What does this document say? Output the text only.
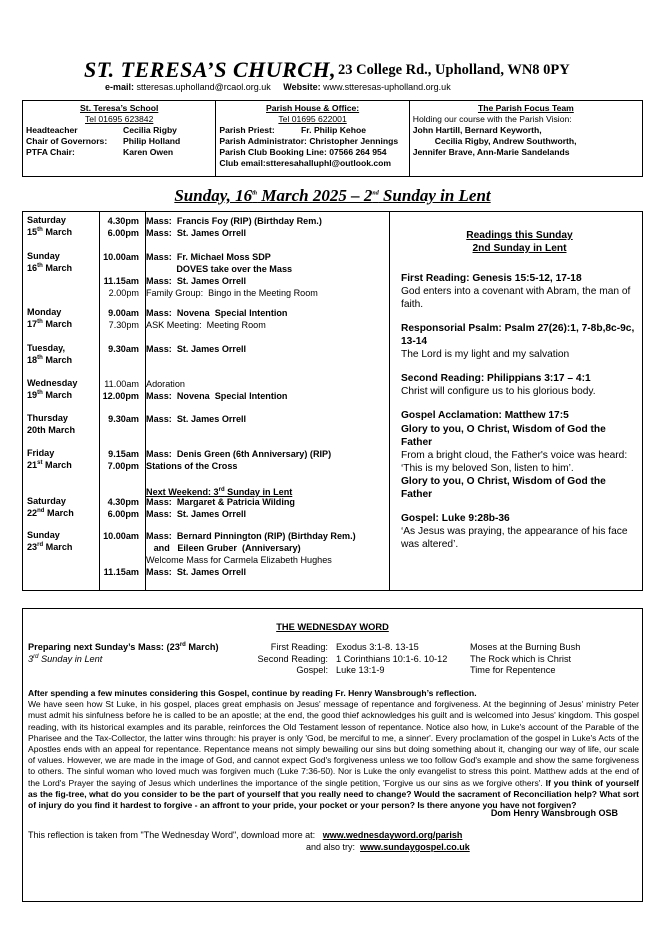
ST. TERESA’S CHURCH, 23 College Rd., Upholland, WN8 0PY
e-mail: stteresas.upholland@rcaol.org.uk Website: www.stteresas-upholland.org.uk
St. Teresa’s School
Tel 01695 623842
Headteacher	Cecilia Rigby
Chair of Governors:	Philip Holland
PTFA Chair:	Karen Owen
Parish House & Office:
Tel 01695 622001
Parish Priest:	Fr. Philip Kehoe
Parish Administrator: Christopher Jennings
Parish Club Booking Line: 07566 264 954
Club email:stteresahalluphl@outlook.com
The Parish Focus Team
Holding our course with the Parish Vision:
John Hartill, Bernard Keyworth,
Cecilia Rigby, Andrew Southworth,
Jennifer Brave, Ann-Marie Sandelands
Sunday, 16th March 2025 – 2nd Sunday in Lent
Saturday
15th March
4.30pm Mass:  Francis Foy (RIP) (Birthday Rem.)
6.00pm Mass:  St. James Orrell
Sunday
16th March
10.00am Mass:  Fr. Michael Moss SDP
DOVES take over the Mass
11.15am Mass:  St. James Orrell
2.00pm Family Group:  Bingo in the Meeting Room
Monday
17th March
9.00am Mass:  Novena  Special Intention
7.30pm ASK Meeting:  Meeting Room
Tuesday,
18th March
9.30am Mass:  St. James Orrell
Wednesday
19th March
11.00am Adoration
12.00pm Mass:  Novena  Special Intention
Thursday
20th March
9.30am Mass:  St. James Orrell
Friday
21st March
9.15am Mass:  Denis Green (6th Anniversary) (RIP)
7.00pm Stations of the Cross
Saturday
22nd March
4.30pm Mass:  Margaret & Patricia Wilding
6.00pm Mass:  St. James Orrell
Sunday
23rd March
10.00am Mass:  Bernard Pinnington (RIP) (Birthday Rem.)
and   Eileen Gruber  (Anniversary)
Welcome Mass for Carmela Elizabeth Hughes
11.15am Mass:  St. James Orrell
Next Weekend: 3rd Sunday in Lent
Readings this Sunday
2nd Sunday in Lent
First Reading: Genesis 15:5-12, 17-18
God enters into a covenant with Abram, the man of faith.
Responsorial Psalm: Psalm 27(26):1, 7-8b,8c-9c, 13-14
The Lord is my light and my salvation
Second Reading: Philippians 3:17 – 4:1
Christ will configure us to his glorious body.
Gospel Acclamation: Matthew 17:5
Glory to you, O Christ, Wisdom of God the Father
From a bright cloud, the Father's voice was heard: ‘This is my beloved Son, listen to him’.
Glory to you, O Christ, Wisdom of God the Father
Gospel: Luke 9:28b-36
‘As Jesus was praying, the appearance of his face was altered’.
THE WEDNESDAY WORD
Preparing next Sunday’s Mass: (23rd March)
3rd Sunday in Lent
First Reading: Exodus 3:1-8. 13-15	Moses at the Burning Bush
Second Reading: 1 Corinthians 10:1-6. 10-12	The Rock which is Christ
Gospel: Luke 13:1-9	Time for Repentence
After spending a few minutes considering this Gospel, continue by reading Fr. Henry Wansbrough’s reflection.
We have seen how St Luke, in his gospel, places great emphasis on Jesus' message of repentance and forgiveness. At the beginning of Jesus' ministry Peter must admit his sinfulness before he is called to be an apostle; at the end, the good thief acknowledges his guilt and is welcomed into Jesus' kingdom. This gospel reading, with its historical examples and its parable, reinforces the Old Testament lesson of repentance. Notice also how, in Luke's account of the Parable of the Pharisee and the Tax-Collector, the latter wins through: his prayer is only 'God, be merciful to me, a sinner'. Every proclamation of the gospel in Luke's Acts of the Apostles ends with an appeal for repentance. Repentance means not simply bewailing our sins but doing something about it, changing our way of life, our scale of values. However, we are made in the image of God, and cannot expect God's forgiveness unless we too follow God's example and show the same forgiveness to others. The sinful woman who loved much was forgiven much (Luke 7:36-50). Nor is Luke the only evangelist to stress this point. Matthew adds at the end of the Lord's Prayer the saying of Jesus which underlines the importance of the single petition, 'Forgive us our sins as we forgive others'. If you think of yourself as the fig-tree, what do you consider to be the part of yourself that you really need to change? Would the sacrament of Reconciliation help? What sort of injury do you find it hardest to forgive - an affront to your pride, your pocket or your person? Is there anyone you have not forgiven?
Dom Henry Wansbrough OSB
This reflection is taken from "The Wednesday Word", download more at: www.wednesdayword.org/parish
and also try: www.sundaygospel.co.uk
